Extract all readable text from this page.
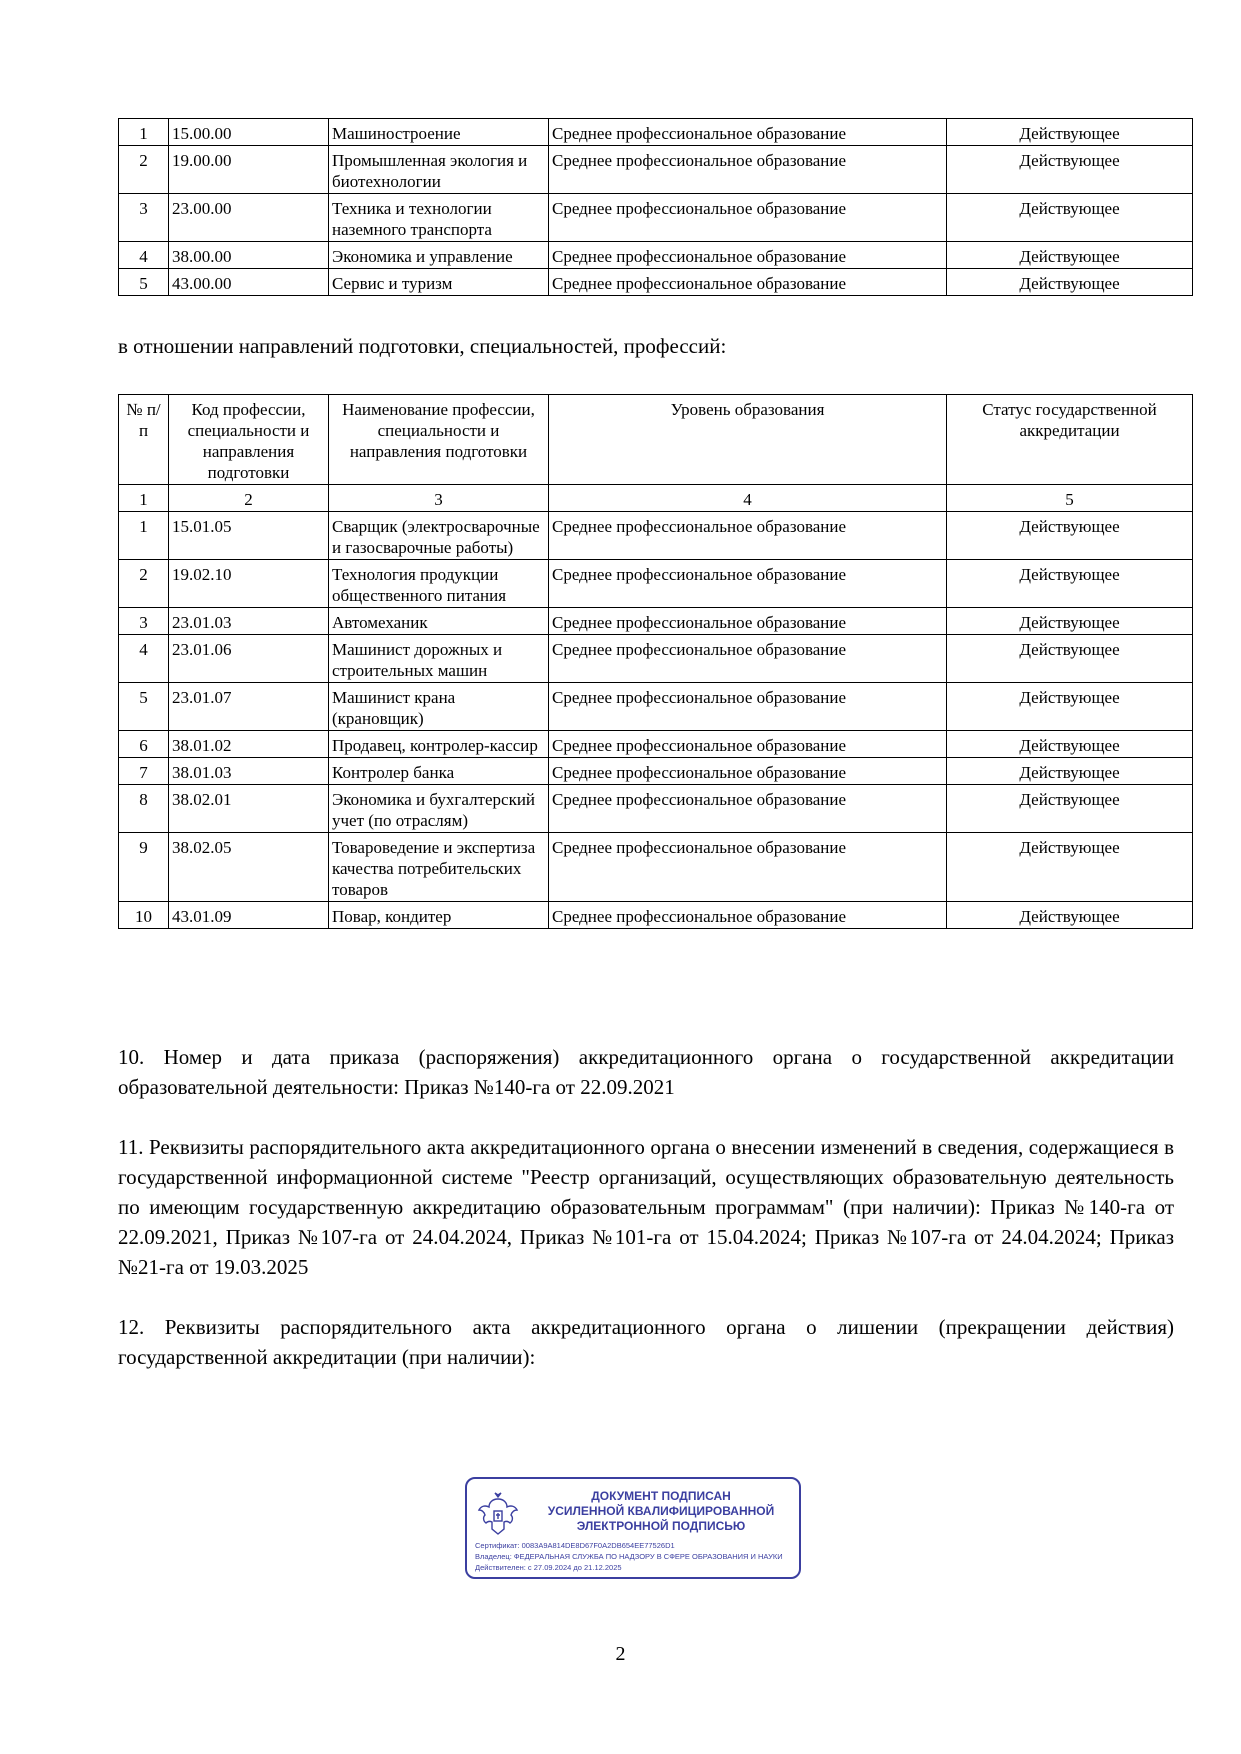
1	15.00.00	Машиностроение	Среднее профессиональное образование	Действующее
2	19.00.00	Промышленная экология и биотехнологии	Среднее профессиональное образование	Действующее
3	23.00.00	Техника и технологии наземного транспорта	Среднее профессиональное образование	Действующее
4	38.00.00	Экономика и управление	Среднее профессиональное образование	Действующее
5	43.00.00	Сервис и туризм	Среднее профессиональное образование	Действующее

в отношении направлений подготовки, специальностей, профессий:

№ п/п	Код профессии, специальности и направления подготовки	Наименование профессии, специальности и направления подготовки	Уровень образования	Статус государственной аккредитации
1	2	3	4	5
1	15.01.05	Сварщик (электросварочные и газосварочные работы)	Среднее профессиональное образование	Действующее
2	19.02.10	Технология продукции общественного питания	Среднее профессиональное образование	Действующее
3	23.01.03	Автомеханик	Среднее профессиональное образование	Действующее
4	23.01.06	Машинист дорожных и строительных машин	Среднее профессиональное образование	Действующее
5	23.01.07	Машинист крана (крановщик)	Среднее профессиональное образование	Действующее
6	38.01.02	Продавец, контролер-кассир	Среднее профессиональное образование	Действующее
7	38.01.03	Контролер банка	Среднее профессиональное образование	Действующее
8	38.02.01	Экономика и бухгалтерский учет (по отраслям)	Среднее профессиональное образование	Действующее
9	38.02.05	Товароведение и экспертиза качества потребительских товаров	Среднее профессиональное образование	Действующее
10	43.01.09	Повар, кондитер	Среднее профессиональное образование	Действующее

10. Номер и дата приказа (распоряжения) аккредитационного органа о государственной аккредитации образовательной деятельности: Приказ №140-га от 22.09.2021

11. Реквизиты распорядительного акта аккредитационного органа о внесении изменений в сведения, содержащиеся в государственной информационной системе "Реестр организаций, осуществляющих образовательную деятельность по имеющим государственную аккредитацию образовательным программам" (при наличии): Приказ №140-га от 22.09.2021, Приказ №107-га от 24.04.2024, Приказ №101-га от 15.04.2024; Приказ №107-га от 24.04.2024; Приказ №21-га от 19.03.2025

12. Реквизиты распорядительного акта аккредитационного органа о лишении (прекращении действия) государственной аккредитации (при наличии):

ДОКУМЕНТ ПОДПИСАН
УСИЛЕННОЙ КВАЛИФИЦИРОВАННОЙ
ЭЛЕКТРОННОЙ ПОДПИСЬЮ
Сертификат: 0083A9A814DE8D67F0A2DB654EE77526D1
Владелец: ФЕДЕРАЛЬНАЯ СЛУЖБА ПО НАДЗОРУ В СФЕРЕ ОБРАЗОВАНИЯ И НАУКИ
Действителен: с 27.09.2024 до 21.12.2025
2
